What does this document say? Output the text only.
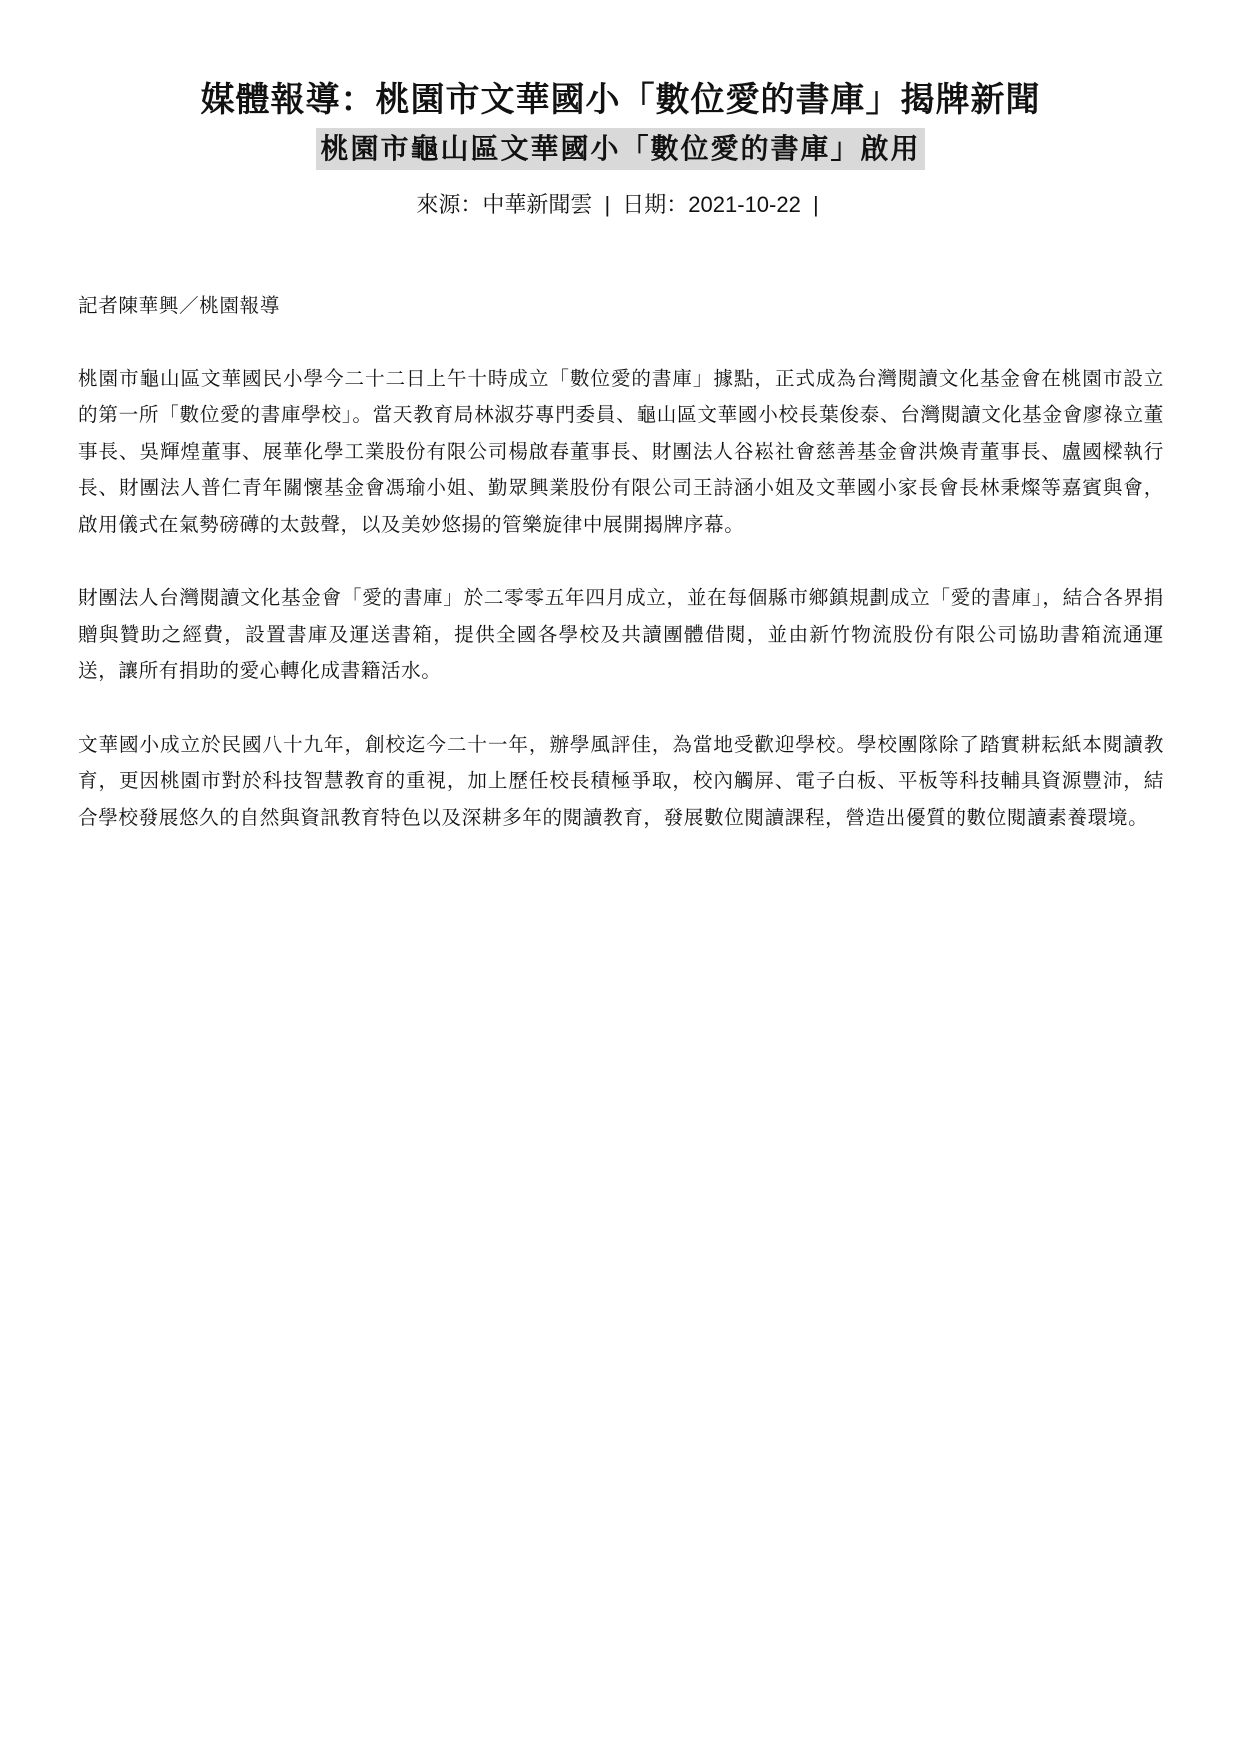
媒體報導：桃園市文華國小「數位愛的書庫」揭牌新聞
桃園市龜山區文華國小「數位愛的書庫」啟用
來源：中華新聞雲 | 日期：2021-10-22 |

記者陳華興／桃園報導

桃園市龜山區文華國民小學今二十二日上午十時成立「數位愛的書庫」據點，正式成為台灣閱讀文化基金會在桃園市設立的第一所「數位愛的書庫學校」。當天教育局林淑芬專門委員、龜山區文華國小校長葉俊泰、台灣閱讀文化基金會廖祿立董事長、吳輝煌董事、展華化學工業股份有限公司楊啟春董事長、財團法人谷崧社會慈善基金會洪煥青董事長、盧國樑執行長、財團法人普仁青年關懷基金會馮瑜小姐、勤眾興業股份有限公司王詩涵小姐及文華國小家長會長林秉燦等嘉賓與會，啟用儀式在氣勢磅礡的太鼓聲，以及美妙悠揚的管樂旋律中展開揭牌序幕。

財團法人台灣閱讀文化基金會「愛的書庫」於二零零五年四月成立，並在每個縣市鄉鎮規劃成立「愛的書庫」，結合各界捐贈與贊助之經費，設置書庫及運送書箱，提供全國各學校及共讀團體借閱，並由新竹物流股份有限公司協助書箱流通運送，讓所有捐助的愛心轉化成書籍活水。

文華國小成立於民國八十九年，創校迄今二十一年，辦學風評佳，為當地受歡迎學校。學校團隊除了踏實耕耘紙本閱讀教育，更因桃園市對於科技智慧教育的重視，加上歷任校長積極爭取，校內觸屏、電子白板、平板等科技輔具資源豐沛，結合學校發展悠久的自然與資訊教育特色以及深耕多年的閱讀教育，發展數位閱讀課程，營造出優質的數位閱讀素養環境。
